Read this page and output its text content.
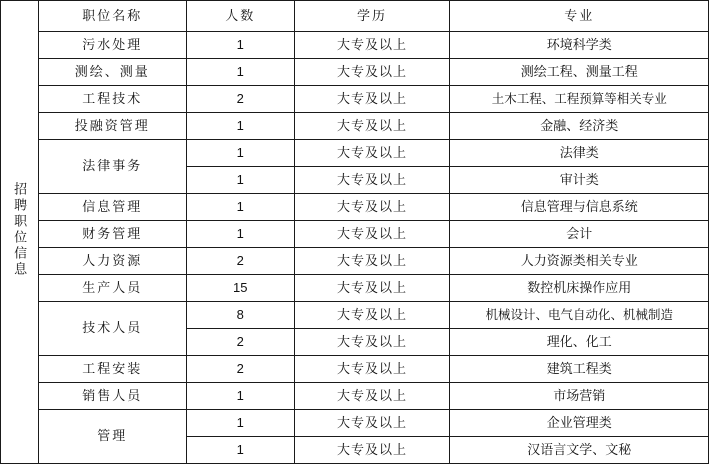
招聘职位信息	职位名称	人数	学历	专业
	污水处理	1	大专及以上	环境科学类
	测绘、测量	1	大专及以上	测绘工程、测量工程
	工程技术	2	大专及以上	土木工程、工程预算等相关专业
	投融资管理	1	大专及以上	金融、经济类
	法律事务	1	大专及以上	法律类
		1	大专及以上	审计类
	信息管理	1	大专及以上	信息管理与信息系统
	财务管理	1	大专及以上	会计
	人力资源	2	大专及以上	人力资源类相关专业
	生产人员	15	大专及以上	数控机床操作应用
	技术人员	8	大专及以上	机械设计、电气自动化、机械制造
		2	大专及以上	理化、化工
	工程安装	2	大专及以上	建筑工程类
	销售人员	1	大专及以上	市场营销
	管理	1	大专及以上	企业管理类
		1	大专及以上	汉语言文学、文秘
